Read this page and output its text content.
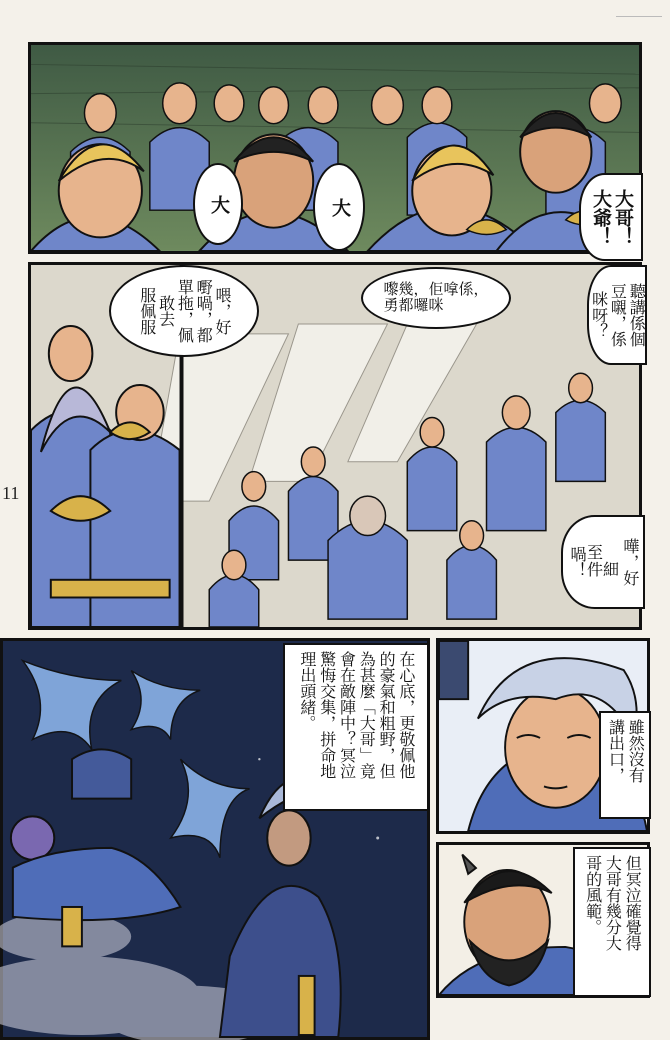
大	大	大哥！
大爺！
喂，好
嘢喎，都
單拖，佩
敢去
服佩服	嚟幾，佢嗱係，
勇都囉咪	聽講係個
豆嚫，係
咪呀？
嘩，好
至
件細
喎！
11
在心底，更敬佩他
的豪氣和粗野，但
為甚麼「大哥」竟
會在敵陣中？冥泣
驚悔交集，拼命地
理出頭緒。
雖然沒有
講出口，
但冥泣確覺得
大哥有幾分大
哥的風範。
